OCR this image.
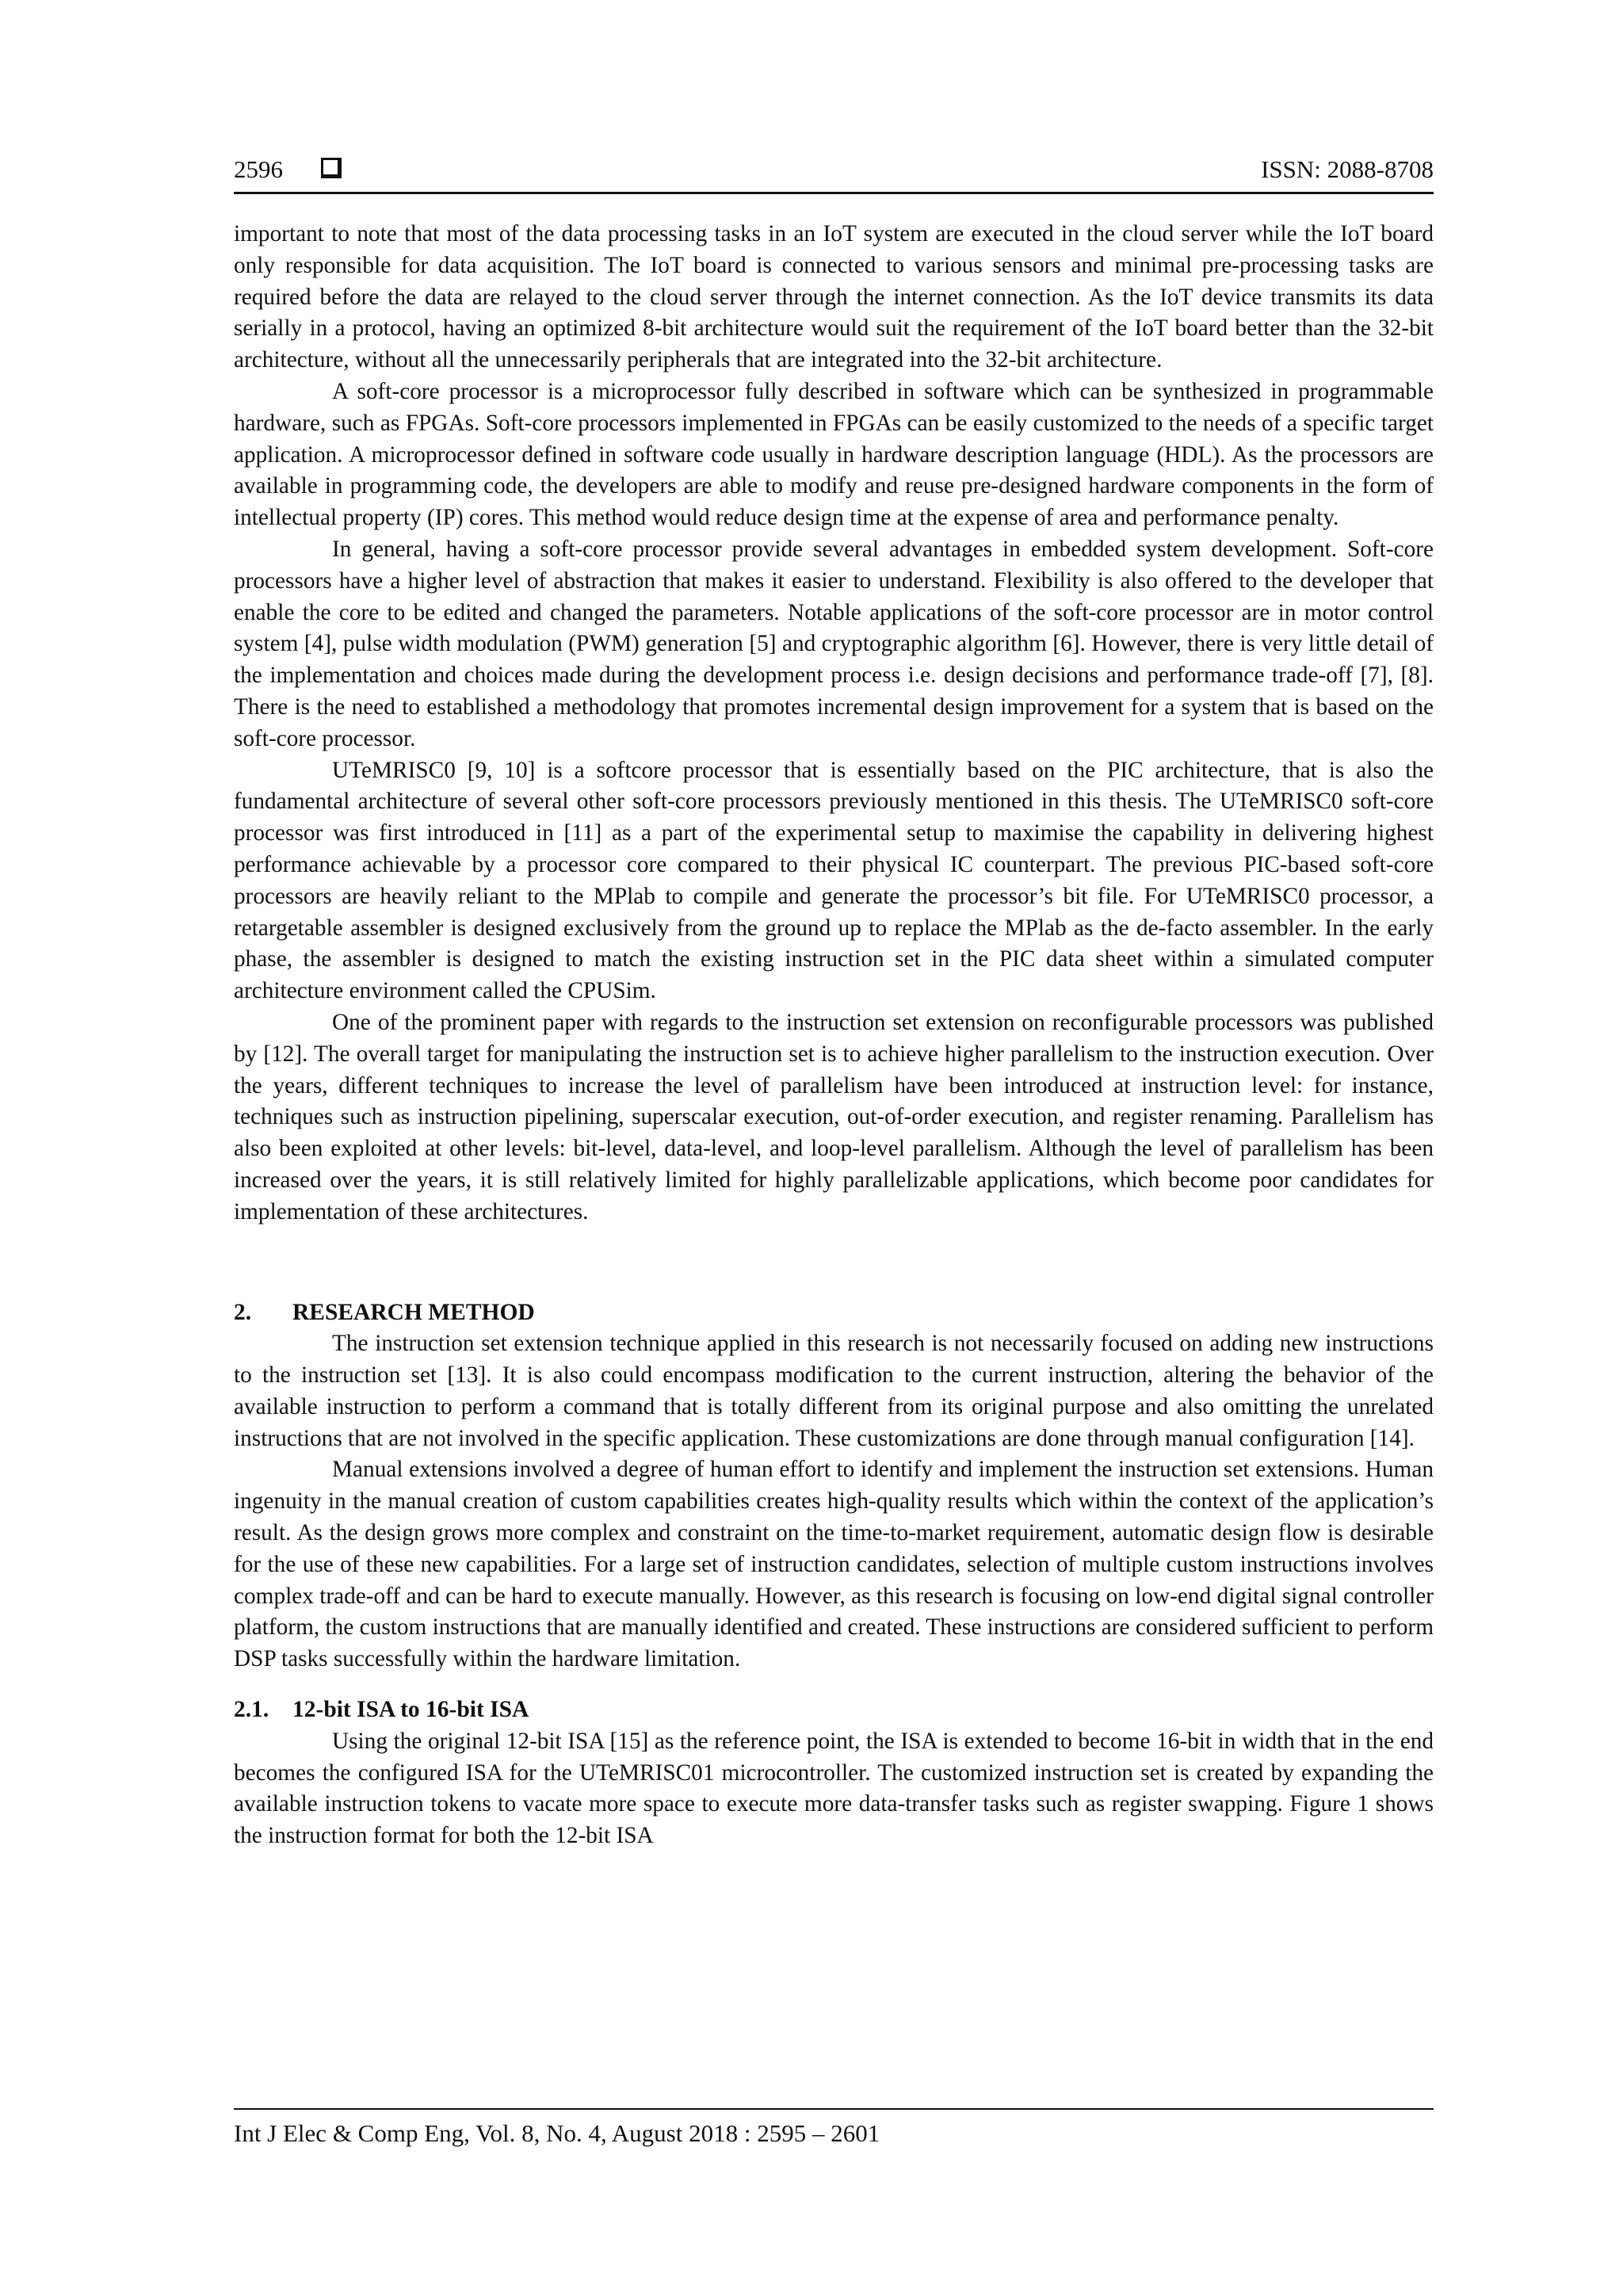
2596	ISSN: 2088-8708

important to note that most of the data processing tasks in an IoT system are executed in the cloud server while the IoT board only responsible for data acquisition. The IoT board is connected to various sensors and minimal pre-processing tasks are required before the data are relayed to the cloud server through the internet connection. As the IoT device transmits its data serially in a protocol, having an optimized 8-bit architecture would suit the requirement of the IoT board better than the 32-bit architecture, without all the unnecessarily peripherals that are integrated into the 32-bit architecture.

A soft-core processor is a microprocessor fully described in software which can be synthesized in programmable hardware, such as FPGAs. Soft-core processors implemented in FPGAs can be easily customized to the needs of a specific target application. A microprocessor defined in software code usually in hardware description language (HDL). As the processors are available in programming code, the developers are able to modify and reuse pre-designed hardware components in the form of intellectual property (IP) cores. This method would reduce design time at the expense of area and performance penalty.

In general, having a soft-core processor provide several advantages in embedded system development. Soft-core processors have a higher level of abstraction that makes it easier to understand. Flexibility is also offered to the developer that enable the core to be edited and changed the parameters. Notable applications of the soft-core processor are in motor control system [4], pulse width modulation (PWM) generation [5] and cryptographic algorithm [6]. However, there is very little detail of the implementation and choices made during the development process i.e. design decisions and performance trade-off [7], [8]. There is the need to established a methodology that promotes incremental design improvement for a system that is based on the soft-core processor.

UTeMRISC0 [9, 10] is a softcore processor that is essentially based on the PIC architecture, that is also the fundamental architecture of several other soft-core processors previously mentioned in this thesis. The UTeMRISC0 soft-core processor was first introduced in [11] as a part of the experimental setup to maximise the capability in delivering highest performance achievable by a processor core compared to their physical IC counterpart. The previous PIC-based soft-core processors are heavily reliant to the MPlab to compile and generate the processor’s bit file. For UTeMRISC0 processor, a retargetable assembler is designed exclusively from the ground up to replace the MPlab as the de-facto assembler. In the early phase, the assembler is designed to match the existing instruction set in the PIC data sheet within a simulated computer architecture environment called the CPUSim.

One of the prominent paper with regards to the instruction set extension on reconfigurable processors was published by [12]. The overall target for manipulating the instruction set is to achieve higher parallelism to the instruction execution. Over the years, different techniques to increase the level of parallelism have been introduced at instruction level: for instance, techniques such as instruction pipelining, superscalar execution, out-of-order execution, and register renaming. Parallelism has also been exploited at other levels: bit-level, data-level, and loop-level parallelism. Although the level of parallelism has been increased over the years, it is still relatively limited for highly parallelizable applications, which become poor candidates for implementation of these architectures.

2. RESEARCH METHOD

The instruction set extension technique applied in this research is not necessarily focused on adding new instructions to the instruction set [13]. It is also could encompass modification to the current instruction, altering the behavior of the available instruction to perform a command that is totally different from its original purpose and also omitting the unrelated instructions that are not involved in the specific application. These customizations are done through manual configuration [14].

Manual extensions involved a degree of human effort to identify and implement the instruction set extensions. Human ingenuity in the manual creation of custom capabilities creates high-quality results which within the context of the application’s result. As the design grows more complex and constraint on the time-to-market requirement, automatic design flow is desirable for the use of these new capabilities. For a large set of instruction candidates, selection of multiple custom instructions involves complex trade-off and can be hard to execute manually. However, as this research is focusing on low-end digital signal controller platform, the custom instructions that are manually identified and created. These instructions are considered sufficient to perform DSP tasks successfully within the hardware limitation.

2.1. 12-bit ISA to 16-bit ISA

Using the original 12-bit ISA [15] as the reference point, the ISA is extended to become 16-bit in width that in the end becomes the configured ISA for the UTeMRISC01 microcontroller. The customized instruction set is created by expanding the available instruction tokens to vacate more space to execute more data-transfer tasks such as register swapping. Figure 1 shows the instruction format for both the 12-bit ISA

Int J Elec & Comp Eng, Vol. 8, No. 4, August 2018 : 2595 – 2601
